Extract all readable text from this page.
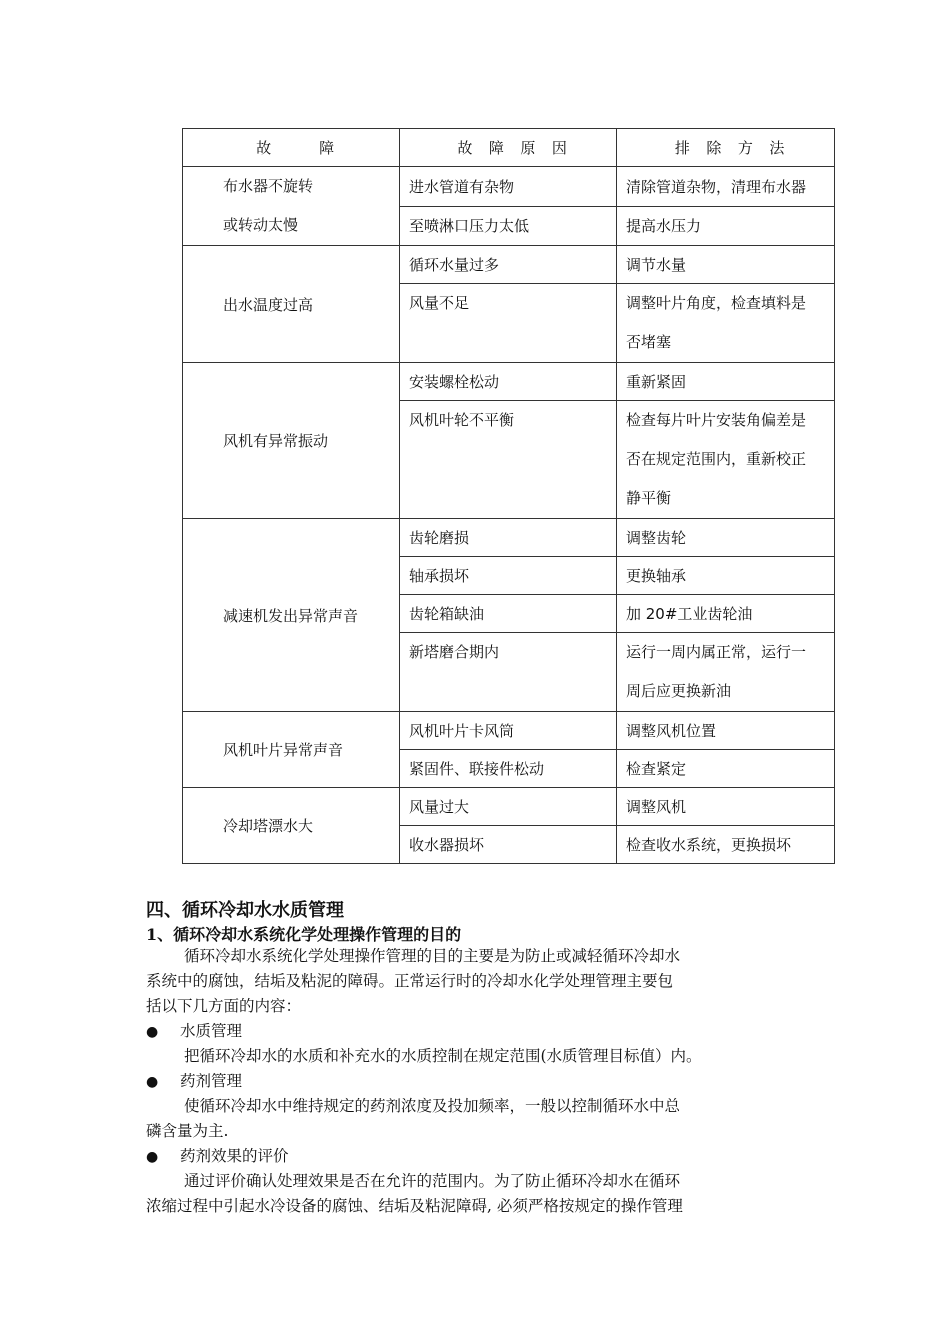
故　　　障	故　障　原　因	排　除　方　法

布水器不旋转
或转动太慢	进水管道有杂物	清除管道杂物，清理布水器
	至喷淋口压力太低	提高水压力
出水温度过高	循环水量过多	调节水量

	风量不足	调整叶片角度，检查填料是
否堵塞

风机有异常振动	安装螺栓松动	重新紧固

	风机叶轮不平衡	检查每片叶片安装角偏差是
否在规定范围内，重新校正
静平衡

减速机发出异常声音	齿轮磨损	调整齿轮
	轴承损坏	更换轴承
	齿轮箱缺油	加 20#工业齿轮油

	新塔磨合期内	运行一周内属正常，运行一
周后应更换新油

风机叶片异常声音	风机叶片卡风筒	调整风机位置
	紧固件、联接件松动	检查紧定
冷却塔漂水大	风量过大	调整风机
	收水器损坏	检查收水系统，更换损坏
四、循环冷却水水质管理
1、循环冷却水系统化学处理操作管理的目的
循环冷却水系统化学处理操作管理的目的主要是为防止或减轻循环冷却水
系统中的腐蚀，结垢及粘泥的障碍。正常运行时的冷却水化学处理管理主要包
括以下几方面的内容：
● 水质管理
把循环冷却水的水质和补充水的水质控制在规定范围(水质管理目标值）内。
● 药剂管理
使循环冷却水中维持规定的药剂浓度及投加频率，一般以控制循环水中总
磷含量为主.
● 药剂效果的评价
通过评价确认处理效果是否在允许的范围内。为了防止循环冷却水在循环
浓缩过程中引起水冷设备的腐蚀、结垢及粘泥障碍, 必须严格按规定的操作管理
